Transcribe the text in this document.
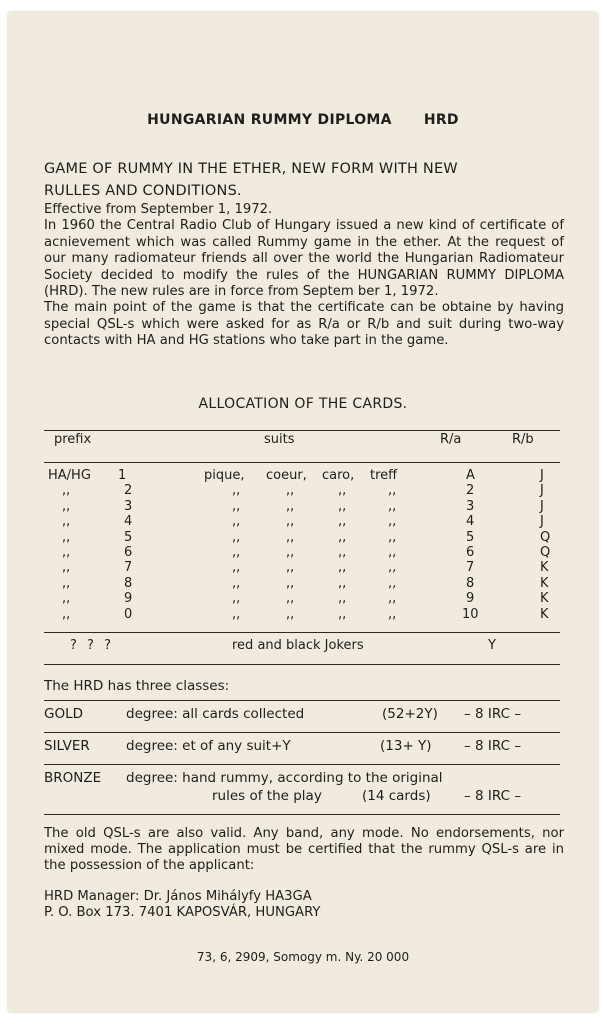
HUNGARIAN RUMMY DIPLOMA HRD
GAME OF RUMMY IN THE ETHER, NEW FORM WITH NEW
RULLES AND CONDITIONS.

Effective from September 1, 1972.

In 1960 the Central Radio Club of Hungary issued a new kind of certificate of acnievement which was called Rummy game in the ether. At the request of our many radiomateur friends all over the world the Hungarian Radiomateur Society decided to modify the rules of the HUNGARIAN RUMMY DIPLOMA (HRD). The new rules are in force from Septem ber 1, 1972.

The main point of the game is that the certificate can be obtaine by having special QSL-s which were asked for as R/a or R/b and suit during two-way contacts with HA and HG stations who take part in the game.

ALLOCATION OF THE CARDS.
prefix	suits	R/a	R/b
HA/HG 1	pique, coeur, caro, treff	A	J
,,	2	,,	,,	,,	,,	2	J
,,	3	,,	,,	,,	,,	3	J
,,	4	,,	,,	,,	,,	4	J
,,	5	,,	,,	,,	,,	5	Q
,,	6	,,	,,	,,	,,	6	Q
,,	7	,,	,,	,,	,,	7	K
,,	8	,,	,,	,,	,,	8	K
,,	9	,,	,,	,,	,,	9	K
,,	0	,,	,,	,,	,,	10	K
? ? ?	red and black Jokers	Y
The HRD has three classes:
GOLD	degree: all cards collected	(52+2Y) – 8 IRC –
SILVER	degree: et of any suit+Y	(13+ Y) – 8 IRC –
BRONZE degree: hand rummy, according to the original
rules of the play	(14 cards) – 8 IRC –

The old QSL-s are also valid. Any band, any mode. No endorsements, nor mixed mode. The application must be certified that the rummy QSL-s are in the possession of the applicant:

HRD Manager: Dr. János Mihályfy HA3GA
P. O. Box 173. 7401 KAPOSVÁR, HUNGARY
73, 6, 2909, Somogy m. Ny. 20 000
